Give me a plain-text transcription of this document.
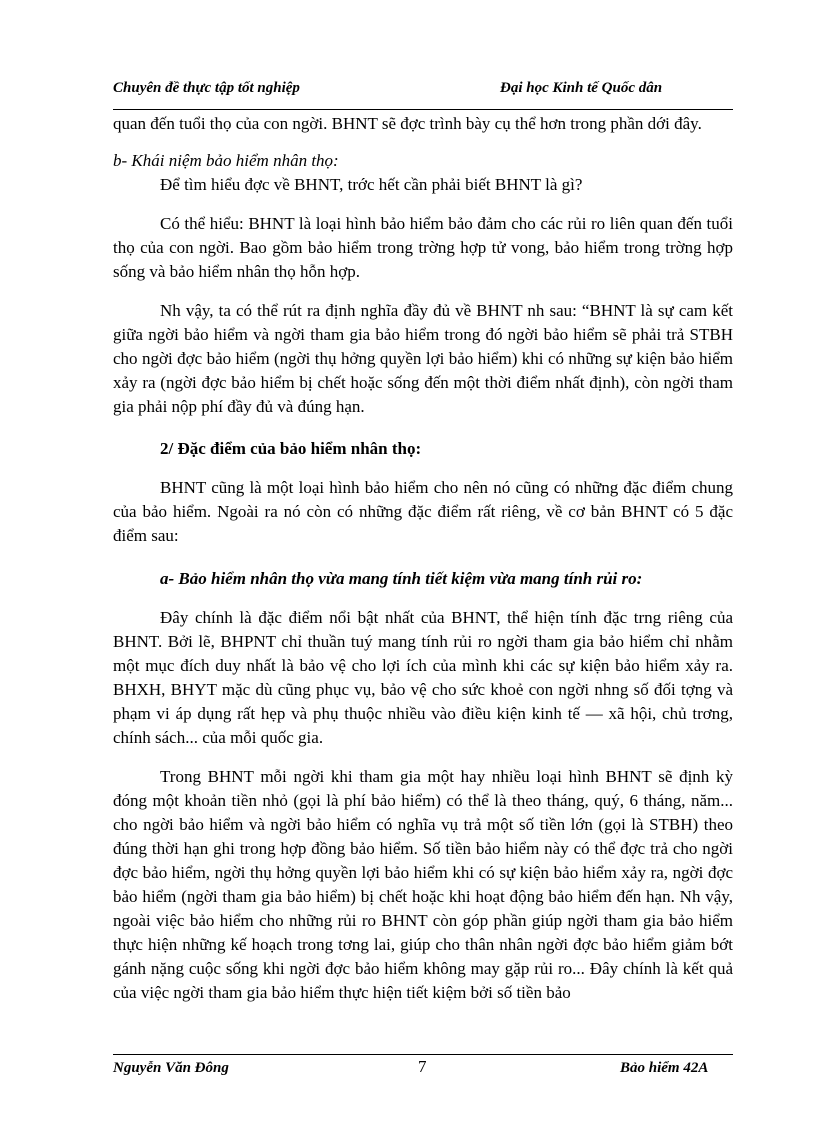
Chuyên đề thực tập tốt nghiệp	Đại học Kinh tế Quốc dân

quan đến tuổi thọ của con ngời. BHNT sẽ đợc trình bày cụ thể hơn trong phần dới đây.

b- Khái niệm bảo hiểm nhân thọ:

Để tìm hiểu đợc về BHNT, trớc hết cần phải biết BHNT là gì?

Có thể hiểu: BHNT là loại hình bảo hiểm bảo đảm cho các rủi ro liên quan đến tuổi thọ của con ngời. Bao gồm bảo hiểm trong trờng hợp tử vong, bảo hiểm trong trờng hợp sống và bảo hiểm nhân thọ hỗn hợp.

Nh vậy, ta có thể rút ra định nghĩa đầy đủ về BHNT nh sau: “BHNT là sự cam kết giữa ngời bảo hiểm và ngời tham gia bảo hiểm trong đó ngời bảo hiểm sẽ phải trả STBH cho ngời đợc bảo hiểm (ngời thụ hởng quyền lợi bảo hiểm) khi có những sự kiện bảo hiểm xảy ra (ngời đợc bảo hiểm bị chết hoặc sống đến một thời điểm nhất định), còn ngời tham gia phải nộp phí đầy đủ và đúng hạn.

2/ Đặc điểm của bảo hiểm nhân thọ:

BHNT cũng là một loại hình bảo hiểm cho nên nó cũng có những đặc điểm chung của bảo hiểm. Ngoài ra nó còn có những đặc điểm rất riêng, về cơ bản BHNT có 5 đặc điểm sau:

a- Bảo hiểm nhân thọ vừa mang tính tiết kiệm vừa mang tính rủi ro:

Đây chính là đặc điểm nổi bật nhất của BHNT, thể hiện tính đặc trng riêng của BHNT. Bởi lẽ, BHPNT chỉ thuần tuý mang tính rủi ro ngời tham gia bảo hiểm chỉ nhằm một mục đích duy nhất là bảo vệ cho lợi ích của mình khi các sự kiện bảo hiểm xảy ra. BHXH, BHYT mặc dù cũng phục vụ, bảo vệ cho sức khoẻ con ngời nhng số đối tợng và phạm vi áp dụng rất hẹp và phụ thuộc nhiều vào điều kiện kinh tế — xã hội, chủ trơng, chính sách... của mỗi quốc gia.

Trong BHNT mỗi ngời khi tham gia một hay nhiều loại hình BHNT sẽ định kỳ đóng một khoản tiền nhỏ (gọi là phí bảo hiểm) có thể là theo tháng, quý, 6 tháng, năm... cho ngời bảo hiểm và ngời bảo hiểm có nghĩa vụ trả một số tiền lớn (gọi là STBH) theo đúng thời hạn ghi trong hợp đồng bảo hiểm. Số tiền bảo hiểm này có thể đợc trả cho ngời đợc bảo hiểm, ngời thụ hởng quyền lợi bảo hiểm khi có sự kiện bảo hiểm xảy ra, ngời đợc bảo hiểm (ngời tham gia bảo hiểm) bị chết hoặc khi hoạt động bảo hiểm đến hạn. Nh vậy, ngoài việc bảo hiểm cho những rủi ro BHNT còn góp phần giúp ngời tham gia bảo hiểm thực hiện những kế hoạch trong tơng lai, giúp cho thân nhân ngời đợc bảo hiểm giảm bớt gánh nặng cuộc sống khi ngời đợc bảo hiểm không may gặp rủi ro... Đây chính là kết quả của việc ngời tham gia bảo hiểm thực hiện tiết kiệm bởi số tiền bảo

Nguyễn Văn Đông	7	Bảo hiểm 42A
